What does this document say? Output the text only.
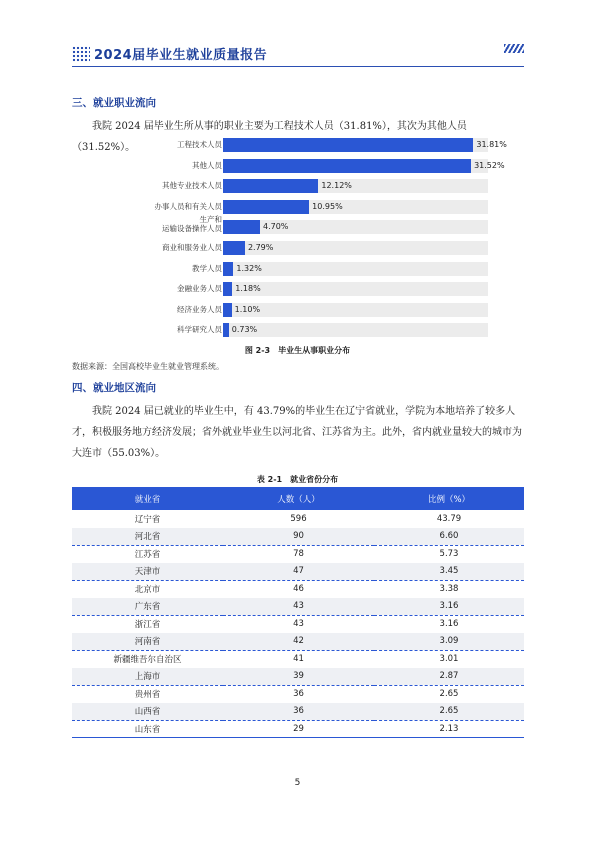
2024届毕业生就业质量报告
三、就业职业流向
我院 2024 届毕业生所从事的职业主要为工程技术人员（31.81%），其次为其他人员（31.52%）。	工程技术人员	31.81%
其他人员	31.52%
其他专业技术人员	12.12%
办事人员和有关人员	10.95%
生产和
运输设备操作人员	4.70%
商业和服务业人员	2.79%
教学人员 1.32%
金融业务人员 1.18%
经济业务人员 1.10%
科学研究人员 0.73%
图 2-3　毕业生从事职业分布
数据来源：全国高校毕业生就业管理系统。
四、就业地区流向
我院 2024 届已就业的毕业生中，有 43.79%的毕业生在辽宁省就业，学院为本地培养了较多人才，积极服务地方经济发展；省外就业毕业生以河北省、江苏省为主。此外，省内就业量较大的城市为大连市（55.03%）。
表 2-1　就业省份分布
就业省	人数（人）	比例（%）
辽宁省	596	43.79
河北省	90	6.60
江苏省	78	5.73
天津市	47	3.45
北京市	46	3.38
广东省	43	3.16
浙江省	43	3.16
河南省	42	3.09
新疆维吾尔自治区	41	3.01
上海市	39	2.87
贵州省	36	2.65
山西省	36	2.65
山东省	29	2.13
5
